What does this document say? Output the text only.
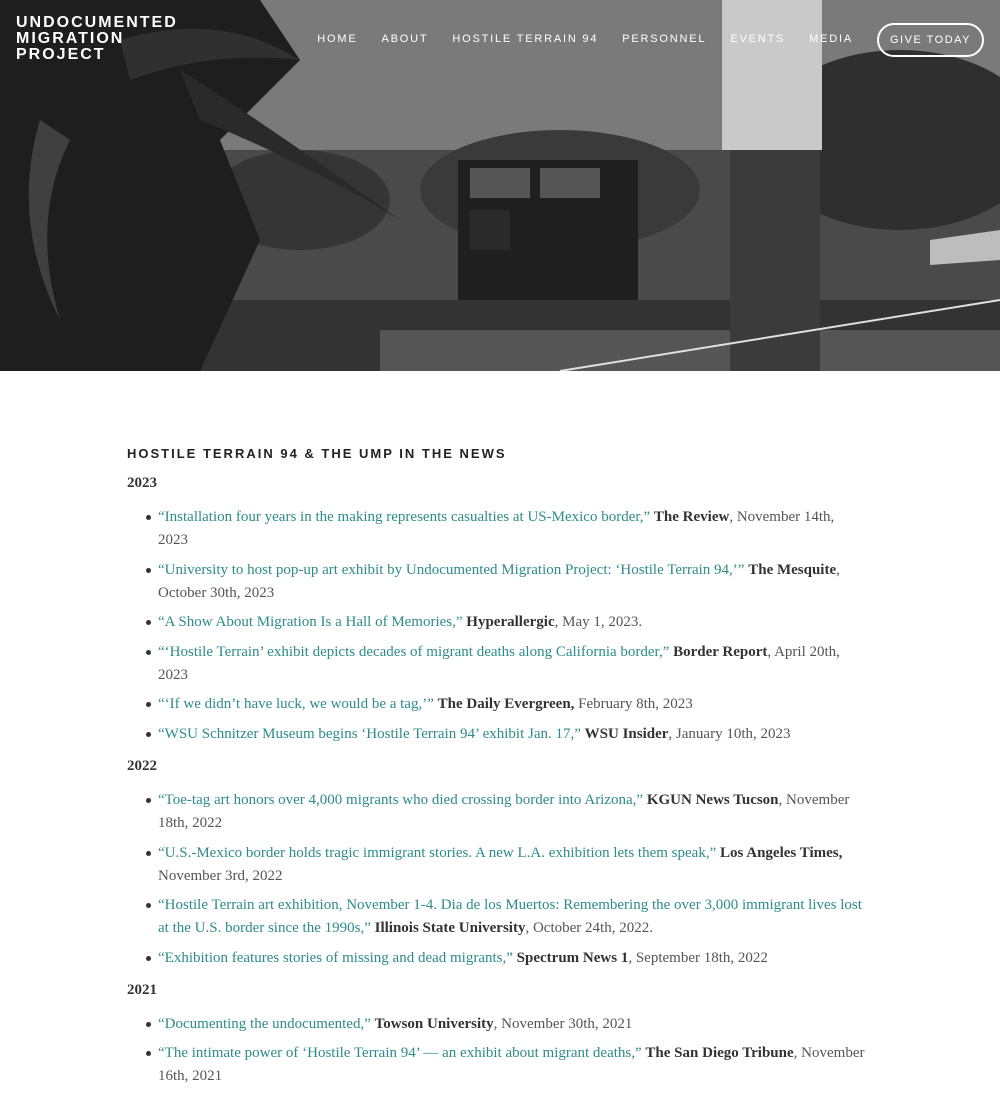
UNDOCUMENTED
MIGRATION
PROJECT
HOME ABOUT HOSTILE TERRAIN 94 PERSONNEL EVENTS MEDIA	GIVE TODAY
HOSTILE TERRAIN 94 & THE UMP IN THE NEWS
2023
“Installation four years in the making represents casualties at US-Mexico border,” The Review, November 14th, 2023
“University to host pop-up art exhibit by Undocumented Migration Project: ‘Hostile Terrain 94,’” The Mesquite, October 30th, 2023
“A Show About Migration Is a Hall of Memories,” Hyperallergic, May 1, 2023.
“‘Hostile Terrain’ exhibit depicts decades of migrant deaths along California border,” Border Report, April 20th, 2023
“‘If we didn’t have luck, we would be a tag,’” The Daily Evergreen, February 8th, 2023
“WSU Schnitzer Museum begins ‘Hostile Terrain 94’ exhibit Jan. 17,” WSU Insider, January 10th, 2023
2022
“Toe-tag art honors over 4,000 migrants who died crossing border into Arizona,” KGUN News Tucson, November 18th, 2022
“U.S.-Mexico border holds tragic immigrant stories. A new L.A. exhibition lets them speak,” Los Angeles Times, November 3rd, 2022
“Hostile Terrain art exhibition, November 1-4. Dia de los Muertos: Remembering the over 3,000 immigrant lives lost at the U.S. border since the 1990s,” Illinois State University, October 24th, 2022.
“Exhibition features stories of missing and dead migrants,” Spectrum News 1, September 18th, 2022
2021
“Documenting the undocumented,” Towson University, November 30th, 2021
“The intimate power of ‘Hostile Terrain 94’ — an exhibit about migrant deaths,” The San Diego Tribune, November 16th, 2021
